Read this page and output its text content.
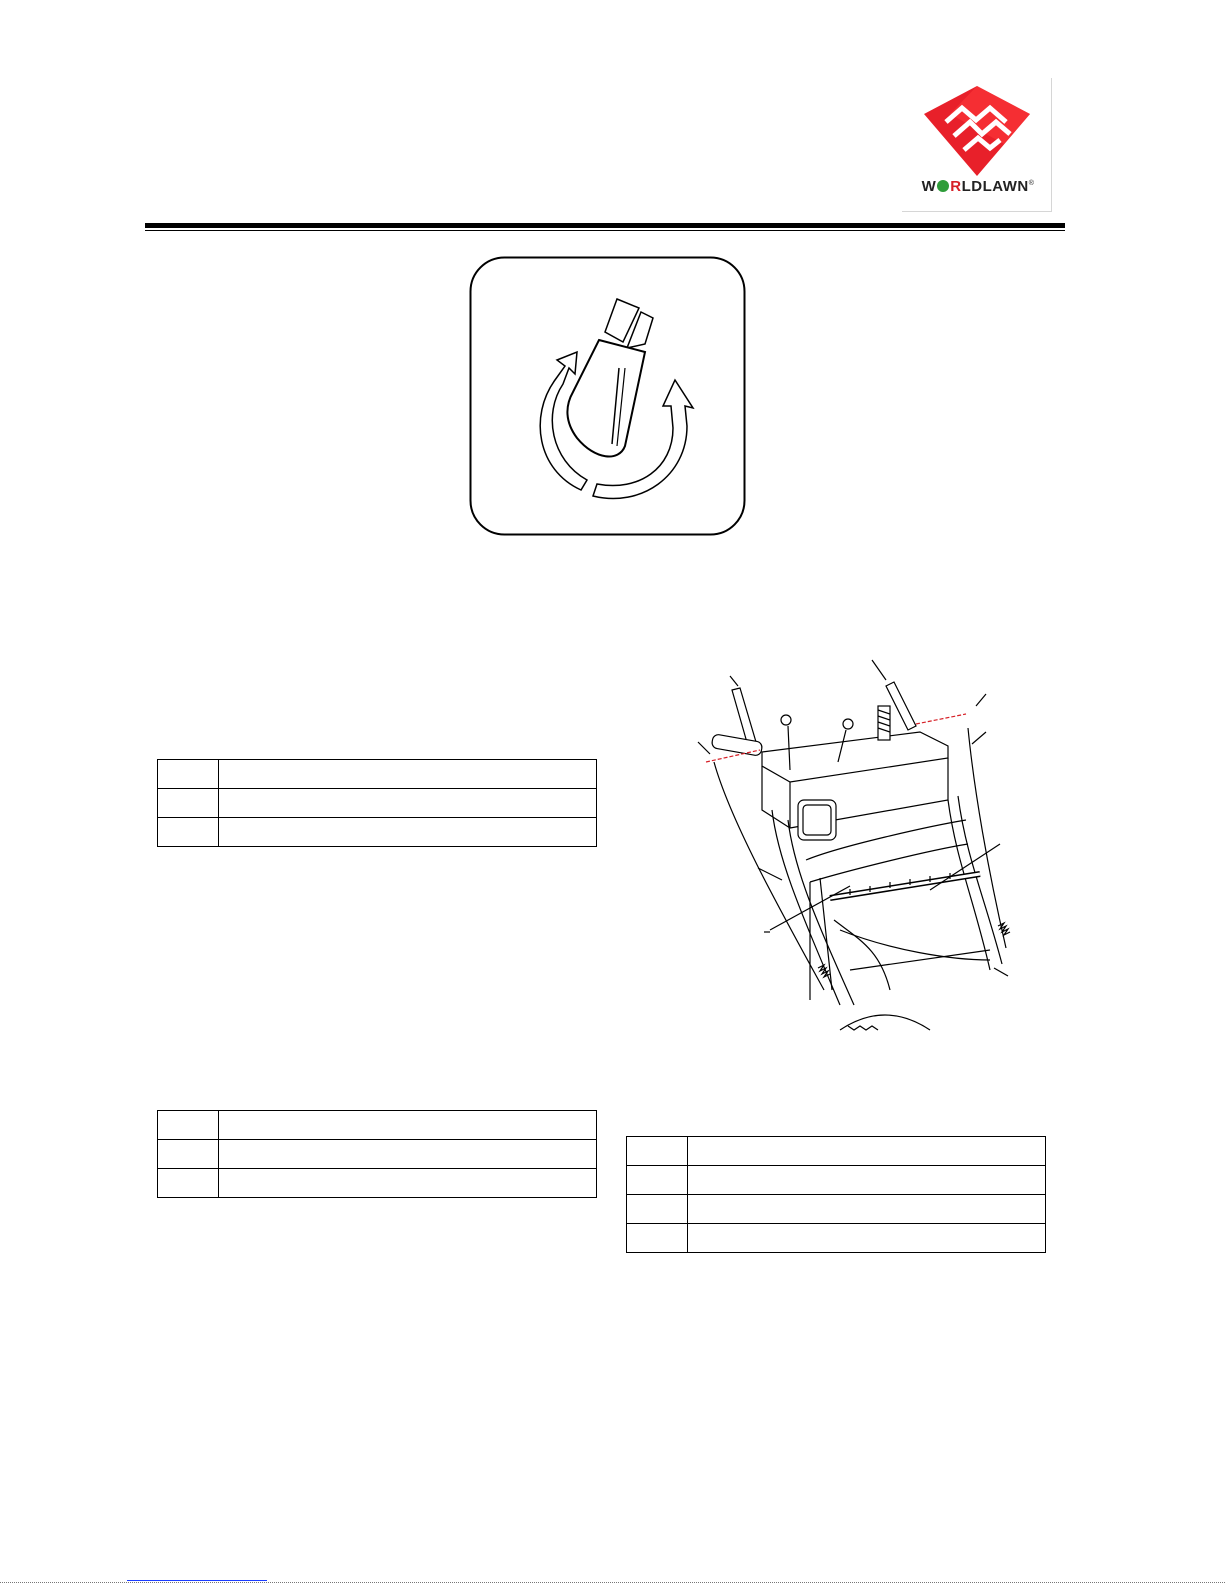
W RLDLAWN®
